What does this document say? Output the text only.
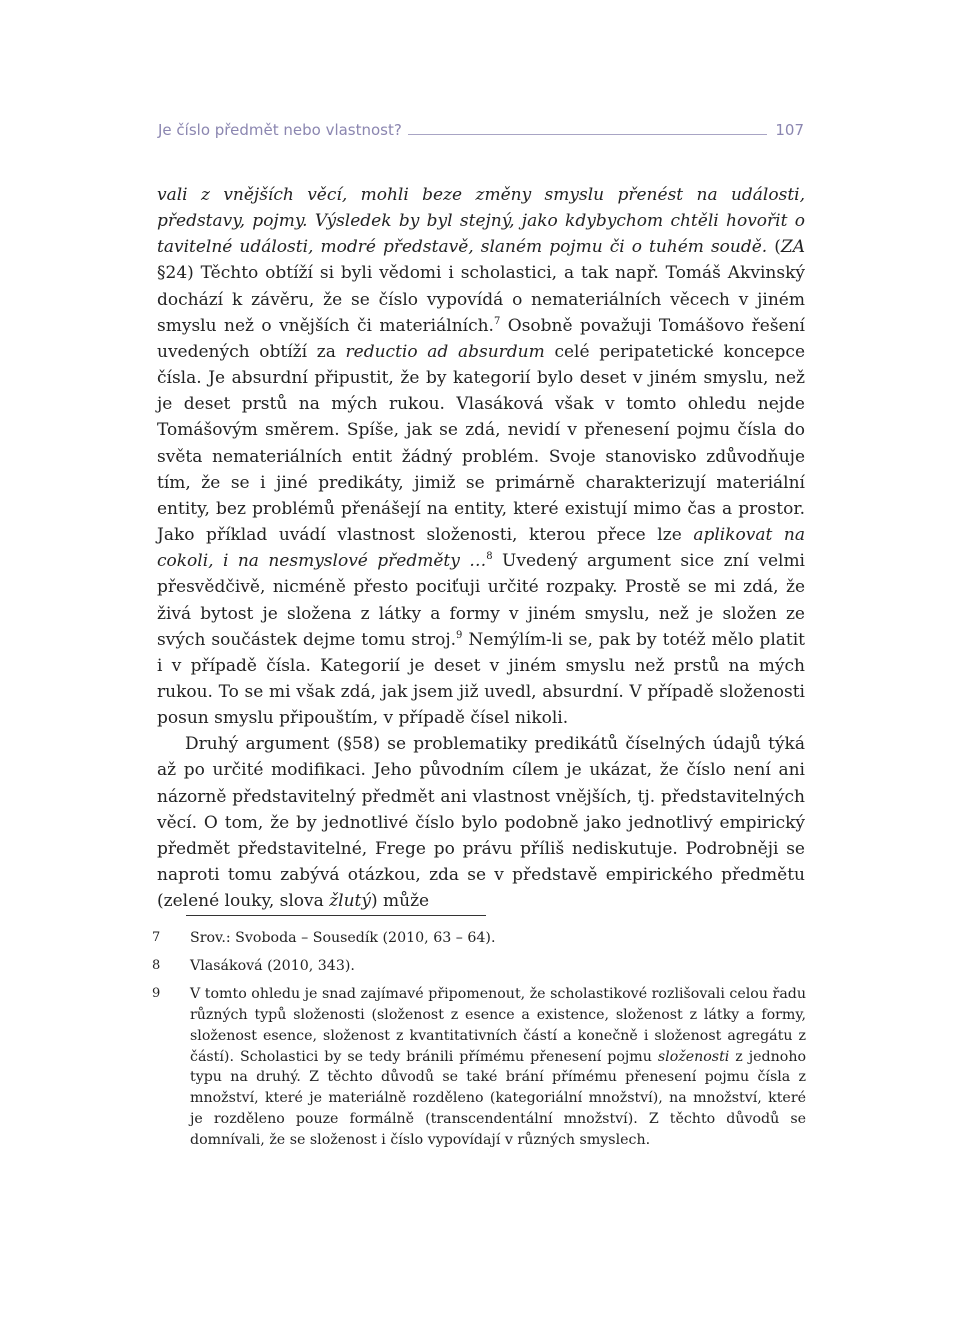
Je číslo předmět nebo vlastnost?	107

vali z vnějších věcí, mohli beze změny smyslu přenést na události, představy, pojmy. Výsledek by byl stejný, jako kdybychom chtěli hovořit o tavitelné události, modré představě, slaném pojmu či o tuhém soudě. (ZA §24) Těchto obtíží si byli vědomi i scholastici, a tak např. Tomáš Akvinský dochází k závěru, že se číslo vypovídá o nemateriálních věcech v jiném smyslu než o vnějších či materiálních.$^7$ Osobně považuji Tomášovo řešení uvedených obtíží za reductio ad absurdum celé peripatetické koncepce čísla. Je absurdní připustit, že by kategorií bylo deset v jiném smyslu, než je deset prstů na mých rukou. Vlasáková však v tomto ohledu nejde Tomášovým směrem. Spíše, jak se zdá, nevidí v přenesení pojmu čísla do světa nemateriálních entit žádný problém. Svoje stanovisko zdůvodňuje tím, že se i jiné predikáty, jimiž se primárně charakterizují materiální entity, bez problémů přenášejí na entity, které existují mimo čas a prostor. Jako příklad uvádí vlastnost složenosti, kterou přece lze aplikovat na cokoli, i na nesmyslové předměty …$^8$ Uvedený argument sice zní velmi přesvědčivě, nicméně přesto pociťuji určité rozpaky. Prostě se mi zdá, že živá bytost je složena z látky a formy v jiném smyslu, než je složen ze svých součástek dejme tomu stroj.$^9$ Nemýlím-li se, pak by totéž mělo platit i v případě čísla. Kategorií je deset v jiném smyslu než prstů na mých rukou. To se mi však zdá, jak jsem již uvedl, absurdní. V případě složenosti posun smyslu připouštím, v případě čísel nikoli.

Druhý argument (§58) se problematiky predikátů číselných údajů týká až po určité modifikaci. Jeho původním cílem je ukázat, že číslo není ani názorně představitelný předmět ani vlastnost vnějších, tj. představitelných věcí. O tom, že by jednotlivé číslo bylo podobně jako jednotlivý empirický předmět představitelné, Frege po právu příliš nediskutuje. Podrobněji se naproti tomu zabývá otázkou, zda se v představě empirického předmětu (zelené louky, slova žlutý) může

7	Srov.: Svoboda – Sousedík (2010, 63 – 64).
8	Vlasáková (2010, 343).
9	V tomto ohledu je snad zajímavé připomenout, že scholastikové rozlišovali celou řadu různých typů složenosti (složenost z esence a existence, složenost z látky a formy, složenost esence, složenost z kvantitativních částí a konečně i složenost agregátu z částí). Scholastici by se tedy bránili přímému přenesení pojmu složenosti z jednoho typu na druhý. Z těchto důvodů se také brání přímému přenesení pojmu čísla z množství, které je materiálně rozděleno (kategoriální množství), na množství, které je rozděleno pouze formálně (transcendentální množství). Z těchto důvodů se domnívali, že se složenost i číslo vypovídají v různých smyslech.
